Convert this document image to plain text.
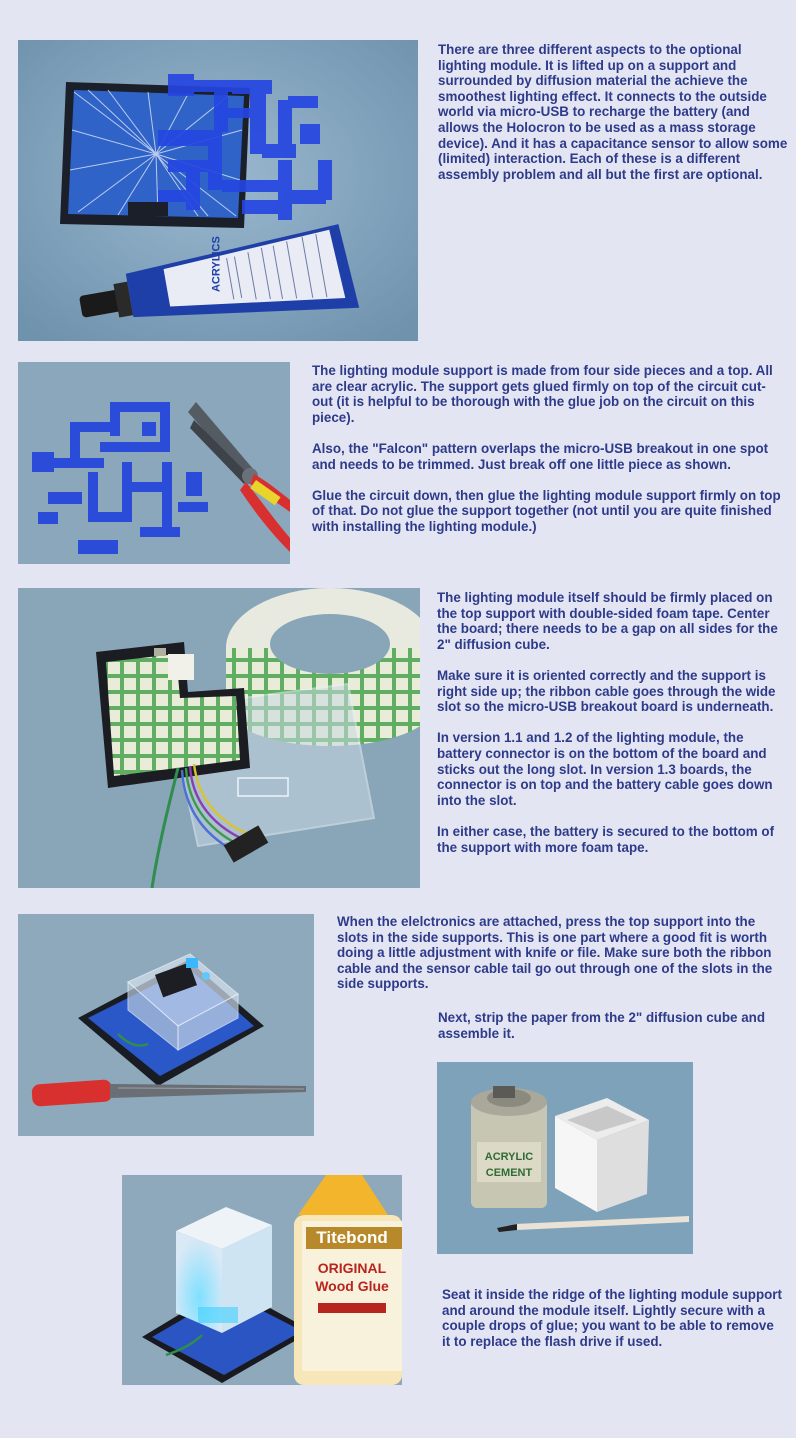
ACRYLICS

There are three different aspects to the optional lighting module. It is lifted up on a support and surrounded by diffusion material the achieve the smoothest lighting effect. It connects to the outside world via micro-USB to recharge the battery (and allows the Holocron to be used as a mass storage device). And it has a capacitance sensor to allow some (limited) interaction. Each of these is a different assembly problem and all but the first are optional.

The lighting module support is made from four side pieces and a top. All are clear acrylic. The support gets glued firmly on top of the circuit cut-out (it is helpful to be thorough with the glue job on the circuit on this piece).

Also, the "Falcon" pattern overlaps the micro-USB breakout in one spot and needs to be trimmed. Just break off one little piece as shown.

Glue the circuit down, then glue the lighting module support firmly on top of that. Do not glue the support together (not until you are quite finished with installing the lighting module.)

The lighting module itself should be firmly placed on the top support with double-sided foam tape. Center the board; there needs to be a gap on all sides for the 2" diffusion cube.

Make sure it is oriented correctly and the support is right side up; the ribbon cable goes through the wide slot so the micro-USB breakout board is underneath.

In version 1.1 and 1.2 of the lighting module, the battery connector is on the bottom of the board and sticks out the long slot. In version 1.3 boards, the connector is on top and the battery cable goes down into the slot.

In either case, the battery is secured to the bottom of the support with more foam tape.

When the elelctronics are attached, press the top support into the slots in the side supports. This is one part where a good fit is worth doing a little adjustment with knife or file. Make sure both the ribbon cable and the sensor cable tail go out through one of the slots in the side supports.

Next, strip the paper from the 2" diffusion cube and assemble it.

ACRYLIC
CEMENT
Titebond
ORIGINAL
Wood Glue

Seat it inside the ridge of the lighting module support and around the module itself. Lightly secure with a couple drops of glue; you want to be able to remove it to replace the flash drive if used.
